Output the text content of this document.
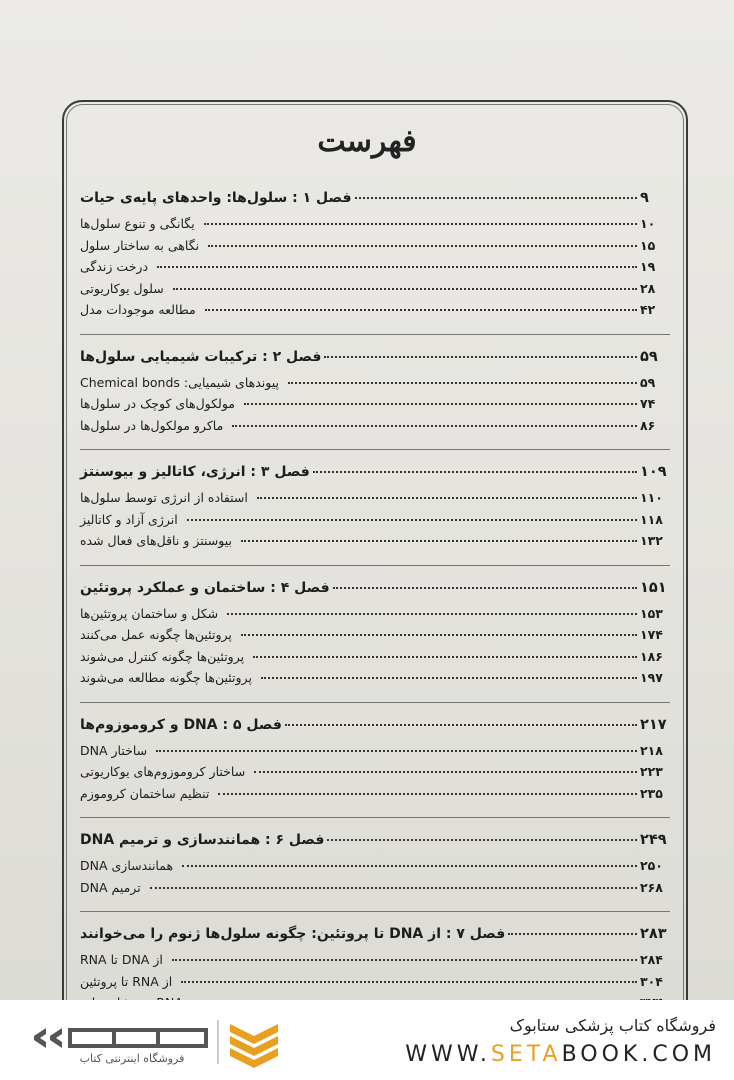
فهرست
فصل ۱ : سلول‌ها: واحدهای پایه‌ی حیات	۹
یگانگی و تنوع سلول‌ها	۱۰
نگاهی به ساختار سلول	۱۵
درخت زندگی	۱۹
سلول یوکاریوتی	۲۸
مطالعه موجودات مدل	۴۲
فصل ۲ : ترکیبات شیمیایی سلول‌ها	۵۹
پیوندهای شیمیایی: Chemical bonds	۵۹
مولکول‌های کوچک در سلول‌ها	۷۴
ماکرو مولکول‌ها در سلول‌ها	۸۶
فصل ۳ : انرژی، کاتالیز و بیوسنتز	۱۰۹
استفاده از انرژی توسط سلول‌ها	۱۱۰
انرژی آزاد و کاتالیز	۱۱۸
بیوسنتز و ناقل‌های فعال شده	۱۳۲
فصل ۴ : ساختمان و عملکرد پروتئین	۱۵۱
شکل و ساختمان پروتئین‌ها	۱۵۳
پروتئین‌ها چگونه عمل می‌کنند	۱۷۴
پروتئین‌ها چگونه کنترل می‌شوند	۱۸۶
پروتئین‌ها چگونه مطالعه می‌شوند	۱۹۷
فصل ۵ : DNA و کروموزوم‌ها	۲۱۷
ساختار DNA	۲۱۸
ساختار کروموزوم‌های یوکاریوتی	۲۲۳
تنظیم ساختمان کروموزم	۲۳۵
فصل ۶ : همانندسازی و ترمیم DNA	۲۴۹
همانندسازی DNA	۲۵۰
ترمیم DNA	۲۶۸
فصل ۷ : از DNA تا پروتئین: چگونه سلول‌ها ژنوم را می‌خوانند	۲۸۳
از DNA تا RNA	۲۸۴
از RNA تا پروتئین	۳۰۴
فروشگاه اینترنتی کتاب
فروشگاه کتاب پزشکی ستابوک
WWW.SETABOOK.COM
